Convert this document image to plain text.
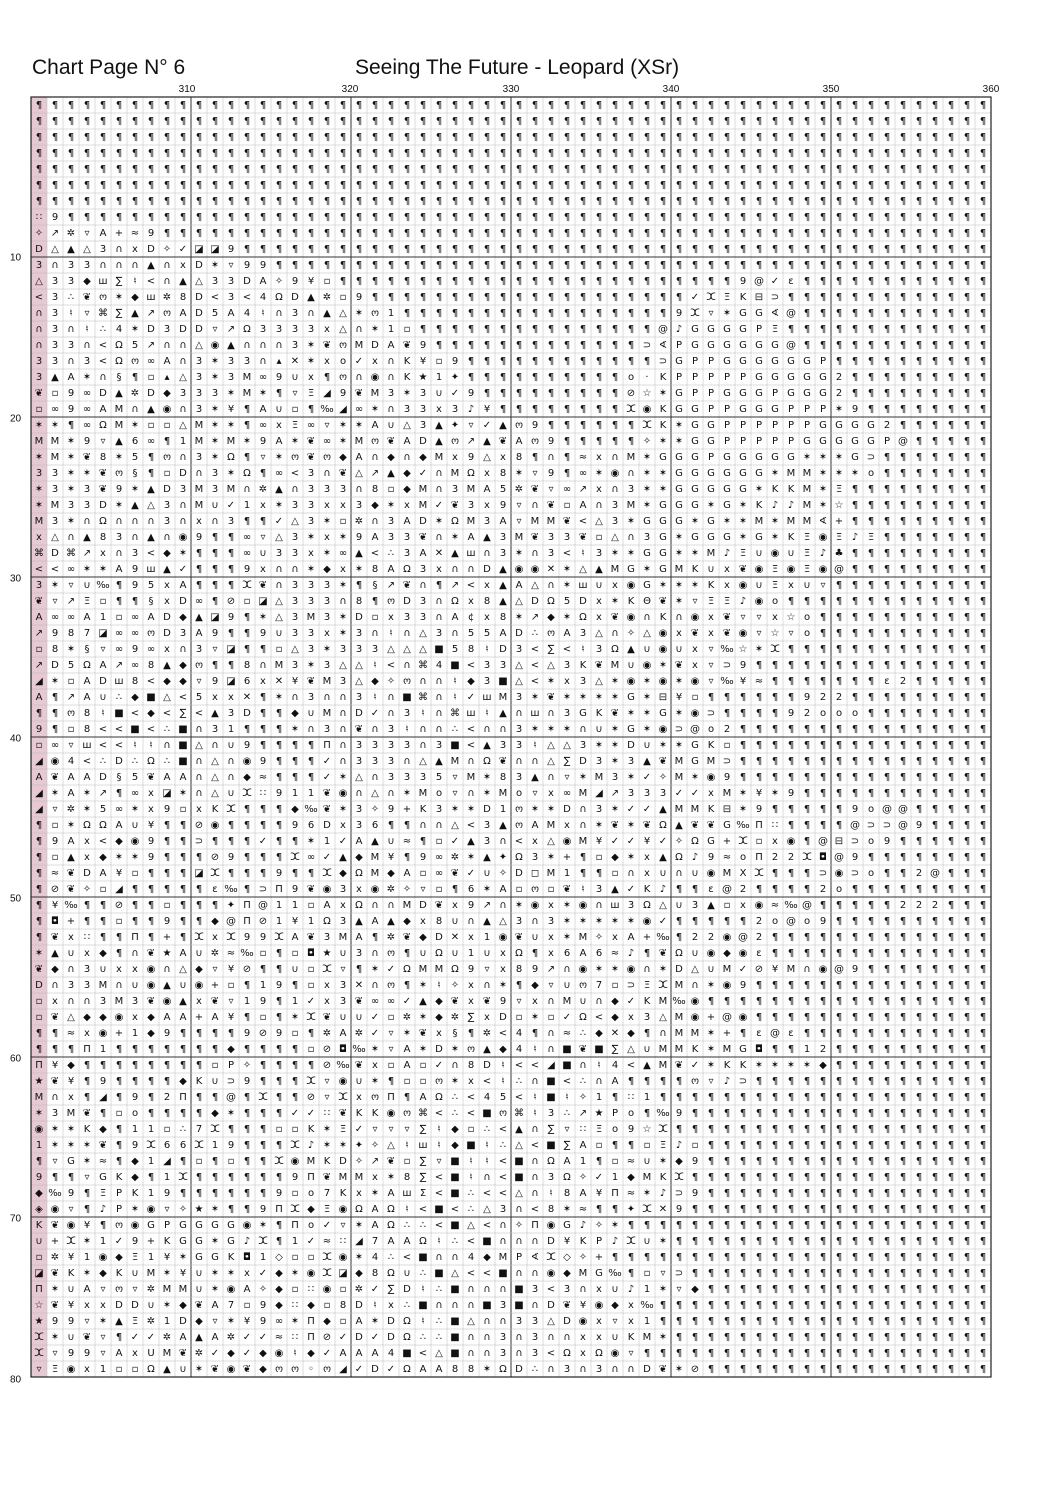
Chart Page N° 6	Seeing The Future - Leopard (XSr)
310	320	330	340	350	360
10
20
30
40
50
60
70
80
¶ ¶ ¶ ¶ ¶ ¶ ¶ ¶ ¶ ¶ ¶ ¶ ¶ ¶ ¶ ¶ ¶ ¶ ¶ ¶ ¶ ¶ ¶ ¶ ¶ ¶ ¶ ¶ ¶ ¶ ¶ ¶ ¶ ¶ ¶ ¶ ¶ ¶ ¶ ¶ ¶ ¶ ¶ ¶ ¶ ¶ ¶ ¶ ¶ ¶ ¶ ¶ ¶ ¶ ¶ ¶ ¶ ¶ ¶ ¶
¶ ¶ ¶ ¶ ¶ ¶ ¶ ¶ ¶ ¶ ¶ ¶ ¶ ¶ ¶ ¶ ¶ ¶ ¶ ¶ ¶ ¶ ¶ ¶ ¶ ¶ ¶ ¶ ¶ ¶ ¶ ¶ ¶ ¶ ¶ ¶ ¶ ¶ ¶ ¶ ¶ ¶ ¶ ¶ ¶ ¶ ¶ ¶ ¶ ¶ ¶ ¶ ¶ ¶ ¶ ¶ ¶ ¶ ¶ ¶
¶ ¶ ¶ ¶ ¶ ¶ ¶ ¶ ¶ ¶ ¶ ¶ ¶ ¶ ¶ ¶ ¶ ¶ ¶ ¶ ¶ ¶ ¶ ¶ ¶ ¶ ¶ ¶ ¶ ¶ ¶ ¶ ¶ ¶ ¶ ¶ ¶ ¶ ¶ ¶ ¶ ¶ ¶ ¶ ¶ ¶ ¶ ¶ ¶ ¶ ¶ ¶ ¶ ¶ ¶ ¶ ¶ ¶ ¶ ¶
¶ ¶ ¶ ¶ ¶ ¶ ¶ ¶ ¶ ¶ ¶ ¶ ¶ ¶ ¶ ¶ ¶ ¶ ¶ ¶ ¶ ¶ ¶ ¶ ¶ ¶ ¶ ¶ ¶ ¶ ¶ ¶ ¶ ¶ ¶ ¶ ¶ ¶ ¶ ¶ ¶ ¶ ¶ ¶ ¶ ¶ ¶ ¶ ¶ ¶ ¶ ¶ ¶ ¶ ¶ ¶ ¶ ¶ ¶ ¶
¶ ¶ ¶ ¶ ¶ ¶ ¶ ¶ ¶ ¶ ¶ ¶ ¶ ¶ ¶ ¶ ¶ ¶ ¶ ¶ ¶ ¶ ¶ ¶ ¶ ¶ ¶ ¶ ¶ ¶ ¶ ¶ ¶ ¶ ¶ ¶ ¶ ¶ ¶ ¶ ¶ ¶ ¶ ¶ ¶ ¶ ¶ ¶ ¶ ¶ ¶ ¶ ¶ ¶ ¶ ¶ ¶ ¶ ¶ ¶
¶ ¶ ¶ ¶ ¶ ¶ ¶ ¶ ¶ ¶ ¶ ¶ ¶ ¶ ¶ ¶ ¶ ¶ ¶ ¶ ¶ ¶ ¶ ¶ ¶ ¶ ¶ ¶ ¶ ¶ ¶ ¶ ¶ ¶ ¶ ¶ ¶ ¶ ¶ ¶ ¶ ¶ ¶ ¶ ¶ ¶ ¶ ¶ ¶ ¶ ¶ ¶ ¶ ¶ ¶ ¶ ¶ ¶ ¶ ¶
¶ ¶ ¶ ¶ ¶ ¶ ¶ ¶ ¶ ¶ ¶ ¶ ¶ ¶ ¶ ¶ ¶ ¶ ¶ ¶ ¶ ¶ ¶ ¶ ¶ ¶ ¶ ¶ ¶ ¶ ¶ ¶ ¶ ¶ ¶ ¶ ¶ ¶ ¶ ¶ ¶ ¶ ¶ ¶ ¶ ¶ ¶ ¶ ¶ ¶ ¶ ¶ ¶ ¶ ¶ ¶ ¶ ¶ ¶ ¶
∷ 9 ¶ ¶ ¶ ¶ ¶ ¶ ¶ ¶ ¶ ¶ ¶ ¶ ¶ ¶ ¶ ¶ ¶ ¶ ¶ ¶ ¶ ¶ ¶ ¶ ¶ ¶ ¶ ¶ ¶ ¶ ¶ ¶ ¶ ¶ ¶ ¶ ¶ ¶ ¶ ¶ ¶ ¶ ¶ ¶ ¶ ¶ ¶ ¶ ¶ ¶ ¶ ¶ ¶ ¶ ¶ ¶ ¶ ¶
✧ ↗ ✲ ▿ A + ≈ 9 ¶ ¶ ¶ ¶ ¶ ¶ ¶ ¶ ¶ ¶ ¶ ¶ ¶ ¶ ¶ ¶ ¶ ¶ ¶ ¶ ¶ ¶ ¶ ¶ ¶ ¶ ¶ ¶ ¶ ¶ ¶ ¶ ¶ ¶ ¶ ¶ ¶ ¶ ¶ ¶ ¶ ¶ ¶ ¶ ¶ ¶ ¶ ¶ ¶ ¶ ¶ ¶
D △ ▲ △ 3 ∩ x D ✧ ✓ ◪ ◪ 9 ¶ ¶ ¶ ¶ ¶ ¶ ¶ ¶ ¶ ¶ ¶ ¶ ¶ ¶ ¶ ¶ ¶ ¶ ¶ ¶ ¶ ¶ ¶ ¶ ¶ ¶ ¶ ¶ ¶ ¶ ¶ ¶ ¶ ¶ ¶ ¶ ¶ ¶ ¶ ¶ ¶ ¶ ¶ ¶ ¶ ¶ ¶
3 ∩ 3 3 ∩ ∩ ∩ ▲ ∩ x D ✶ ▿ 9 9 ¶ ¶ ¶ ¶ ¶ ¶ ¶ ¶ ¶ ¶ ¶ ¶ ¶ ¶ ¶ ¶ ¶ ¶ ¶ ¶ ¶ ¶ ¶ ¶ ¶ ¶ ¶ ¶ ¶ ¶ ¶ ¶ ¶ ¶ ¶ ¶ ¶ ¶ ¶ ¶ ¶ ¶ ¶ ¶ ¶
△ 3 3 ◆ ш ∑ ♮ < ∩ ▲ △ 3 3 D A ✧ 9 ¥ ▫ ¶ ¶ ¶ ¶ ¶ ¶ ¶ ¶ ¶ ¶ ¶ ¶ ¶ ¶ ¶ ¶ ¶ ¶ ¶ ¶ ¶ ¶ ¶ ¶ ¶ 9 @ ✓ ε ¶ ¶ ¶ ¶ ¶ ¶ ¶ ¶ ¶ ¶ ¶ ¶
< 3 ∴ ❦ ო ✶ ◆ ш ✲ 8 D < 3 < 4 Ω D ▲ ✲ ▫ 9 ¶ ¶ ¶ ¶ ¶ ¶ ¶ ¶ ¶ ¶ ¶ ¶ ¶ ¶ ¶ ¶ ¶ ¶ ¶ ¶ ✓ ⵋ Ξ K ⊟ ⊃ ¶ ¶ ¶ ¶ ¶ ¶ ¶ ¶ ¶ ¶ ¶ ¶ ¶
∩ 3 ♮ ▿ ⌘ ∑ ▲ ↗ ო A D 5 A 4 ♮ ∩ 3 ∩ ▲ △ ✶ ო 1 ¶ ¶ ¶ ¶ ¶ ¶ ¶ ¶ ¶ ¶ ¶ ¶ ¶ ¶ ¶ ¶ ¶ 9 ⵋ ▿ ✶ G G ∢ @ ¶ ¶ ¶ ¶ ¶ ¶ ¶ ¶ ¶ ¶ ¶ ¶
∩ 3 ∩ ♮ ∴ 4 ✶ D 3 D D ▿ ↗ Ω 3 3 3 3 x △ ∩ ✶ 1 ▫ ¶ ¶ ¶ ¶ ¶ ¶ ¶ ¶ ¶ ¶ ¶ ¶ ¶ ¶ ¶ @ ♪ G G G G P Ξ ¶ ¶ ¶ ¶ ¶ ¶ ¶ ¶ ¶ ¶ ¶ ¶ ¶
∩ 3 3 ∩ < Ω 5 ↗ ∩ ∩ △ ◉ ▲ ∩ ∩ ∩ 3 ✶ ❦ ო M D A ❦ 9 ¶ ¶ ¶ ¶ ¶ ¶ ¶ ¶ ¶ ¶ ¶ ¶ ¶ ⊃ ∢ P G G G G G G @ ¶ ¶ ¶ ¶ ¶ ¶ ¶ ¶ ¶ ¶ ¶ ¶
3 3 ∩ 3 < Ω ო ∞ A ∩ 3 ✶ 3 3 ∩ ▴ ✕ ✶ x o ✓ x ∩ K ¥ ▫ 9 ¶ ¶ ¶ ¶ ¶ ¶ ¶ ¶ ¶ ¶ ¶ ¶ ⊃ G P P G G G G G G P ¶ ¶ ¶ ¶ ¶ ¶ ¶ ¶ ¶ ¶
3 ▲ A ✶ ∩ § ¶ ▫ ▴ △ 3 ✶ 3 M ∞ 9 ∪ x ¶ ო ∩ ◉ ∩ K ★ 1 ✦ ¶ ¶ ¶ ¶ ¶ ¶ ¶ ¶ ¶ ¶ o · K P P P P P G G G G G 2 ¶ ¶ ¶ ¶ ¶ ¶ ¶ ¶ ¶
❦ ▫ 9 ∞ D ▲ ✲ D ◆ 3 3 3 ✶ M ✶ ¶ ▿ Ξ ◢ 9 ❦ M 3 ✶ 3 ∪ ✓ 9 ¶ ¶ ¶ ¶ ¶ ¶ ¶ ¶ ¶ ⊘ ☆ ✶ G P P G G G P G G G 2 ¶ ¶ ¶ ¶ ¶ ¶ ¶ ¶ ¶
▫ ∞ 9 ∞ A M ∩ ▲ ◉ ∩ 3 ✶ ¥ ¶ A ∪ ▫ ¶ ‰ ◢ ∞ ✶ ∩ 3 3 x 3 ♪ ¥ ¶ ¶ ¶ ¶ ¶ ¶ ¶ ¶ ⵋ ◉ K G G P P G G G P P P ✶ 9 ¶ ¶ ¶ ¶ ¶ ¶ ¶ ¶
✶ ✶ ¶ ∞ Ω M ✶ ▫ ▫ △ M ✶ ✶ ¶ ∞ x Ξ ∞ ▿ ✶ ✶ A ∪ △ 3 ▲ ✦ ▿ ✓ ▲ ო 9 ¶ ¶ ¶ ¶ ¶ ¶ ⵋ K ✶ G G P P P P P P G G G G 2 ¶ ¶ ¶ ¶ ¶ ¶
M M ✶ 9 ▿ ▲ 6 ∞ ¶ 1 M ✶ M ✶ 9 A ✶ ❦ ∞ ✶ M ო ❦ A D ▲ ო ↗ ▲ ❦ A ო 9 ¶ ¶ ¶ ¶ ¶ ✧ ✶ ✶ G G P P P P P G G G G G P @ ¶ ¶ ¶ ¶ ¶
✶ M ✶ ❦ 8 ✶ 5 ¶ ო ∩ 3 ✶ Ω ¶ ▿ ✶ ო ❦ ო ◆ A ∩ ◆ ∩ ◆ M x 9 △ x 8 ¶ ∩ ¶ ≈ x ∩ M ✶ G G G P G G G G G ✶ ✶ ✶ G ⊃ ¶ ¶ ¶ ¶ ¶ ¶ ¶
3 3 ✶ ✶ ❦ ო § ¶ ▫ D ∩ 3 ✶ Ω ¶ ∞ < 3 ∩ ❦ △ ↗ ▲ ◆ ✓ ∩ M Ω x 8 ✶ ▿ 9 ¶ ∞ ✶ ◉ ∩ ✶ ✶ G G G G G G ✶ M M ✶ ✶ ✶ o ¶ ¶ ¶ ¶ ¶ ¶ ¶
✶ 3 ✶ 3 ❦ 9 ✶ ▲ D 3 M 3 M ∩ ✲ ▲ ∩ 3 3 3 ∩ 8 ▫ ◆ M ∩ 3 M A 5 ✲ ❦ ▿ ∞ ↗ x ∩ 3 ✶ ✶ G G G G G ✶ K K M ✶ Ξ ¶ ¶ ¶ ¶ ¶ ¶ ¶ ¶ ¶
✶ M 3 3 D ✶ ▲ △ 3 ∩ M ∪ ✓ 1 x ✶ 3 3 x x 3 ◆ ✶ x M ✓ ❦ 3 x 9 ▿ ∩ ❦ ▫ A ∩ 3 M ✶ G G G ✶ G ✶ K ♪ ♪ M ✶ ☆ ¶ ¶ ¶ ¶ ¶ ¶ ¶ ¶ ¶
M 3 ✶ ∩ Ω ∩ ∩ ∩ 3 ∩ x ∩ 3 ¶ ¶ ✓ △ 3 ✶ ▫ ✲ ∩ 3 A D ✶ Ω M 3 A ▿ M M ❦ < △ 3 ✶ G G G ✶ G ✶ ✶ M ✶ M M ∢ + ¶ ¶ ¶ ¶ ¶ ¶ ¶ ¶ ¶
x △ ∩ ▲ 8 3 ∩ ▲ ∩ ◉ 9 ¶ ¶ ∞ ▿ △ 3 ✶ x ✶ 9 A 3 3 ❦ ∩ ✶ A ▲ 3 M ❦ 3 3 ❦ ▫ △ ∩ 3 G ✶ G G G ✶ G ✶ K Ξ ◉ Ξ ♪ Ξ ¶ ¶ ¶ ¶ ¶ ¶ ¶
⌘ D ⌘ ↗ x ∩ 3 < ◆ ✶ ¶ ¶ ¶ ∞ ∪ 3 3 x ✶ ∞ ▲ < ∴ 3 A ✕ ▲ ш ∩ 3 ✶ ∩ 3 < ♮ 3 ✶ ✶ G G ✶ ✶ M ♪ Ξ ∪ ◉ ∪ Ξ ♪ ♣ ¶ ¶ ¶ ¶ ¶ ¶ ¶ ¶ ¶
< < ∞ ✶ ✶ A 9 ш ▲ ✓ ¶ ¶ ¶ 9 x ∩ ∩ ✶ ◆ x ✶ 8 A Ω 3 x ∩ ∩ D ▲ ◉ ◉ ✕ ✶ △ ▲ M G ✶ G M K ∪ x ❦ ◉ Ξ ◉ Ξ ◉ @ ¶ ¶ ¶ ¶ ¶ ¶ ¶ ¶ ¶
3 ✶ ▿ ∪ ‰ ¶ 9 5 x A ¶ ¶ ¶ ⵋ ❦ ∩ 3 3 3 ✶ ¶ § ↗ ❦ ∩ ¶ ↗ < x ▲ A △ ∩ ✶ ш ∪ x ◉ G ✶ ✶ ✶ K x ◉ ∪ Ξ x ∪ ▿ ¶ ¶ ¶ ¶ ¶ ¶ ¶ ¶ ¶ ¶
❦ ▿ ↗ Ξ ▫ ¶ ¶ § x D ∞ ¶ ⊘ ▫ ◪ △ 3 3 3 ∩ 8 ¶ ო D 3 ∩ Ω x 8 ▲ △ D Ω 5 D x ✶ K Θ ❦ ✶ ▿ Ξ Ξ ♪ ◉ o ¶ ¶ ¶ ¶ ¶ ¶ ¶ ¶ ¶ ¶ ¶ ¶ ¶
A ∞ ∞ A 1 ▫ ∞ A D ◆ ▲ ◪ 9 ¶ ✶ △ 3 M 3 ✶ D ▫ x 3 3 ∩ A ¢ x 8 ✶ ↗ ◆ ✶ Ω x ❦ ◉ ∩ K ∩ ◉ x ❦ ▿ ▿ x ☆ o ¶ ¶ ¶ ¶ ¶ ¶ ¶ ¶ ¶ ¶ ¶
↗ 9 8 7 ◪ ∞ ∞ ო D 3 A 9 ¶ ¶ 9 ∪ 3 3 x ✶ 3 ∩ ♮ ∩ △ 3 ∩ 5 5 A D ∴ ო A 3 △ ∩ ✧ △ ◉ x ❦ x ❦ ◉ ▿ ☆ ▿ o ¶ ¶ ¶ ¶ ¶ ¶ ¶ ¶ ¶ ¶ ¶
▫ 8 ✶ § ▿ ∞ 9 ∞ x ∩ 3 ▿ ◪ ¶ ¶ ▫ △ 3 ✶ 3 3 3 △ △ △ ■ 5 8 ♮ D 3 < ∑ < ♮ 3 Ω ▲ ∪ ◉ ∪ x ▿ ‰ ☆ ✶ ⵋ ¶ ¶ ¶ ¶ ¶ ¶ ¶ ¶ ¶ ¶ ¶ ¶ ¶
↗ D 5 Ω A ↗ ∞ 8 ▲ ◆ ო ¶ ¶ 8 ∩ M 3 ✶ 3 △ △ ♮ < ∩ ⌘ 4 ■ < 3 3 △ < △ 3 K ❦ M ∪ ◉ ✶ ❦ x ▿ ⊃ 9 ¶ ¶ ¶ ¶ ¶ ¶ ¶ ¶ ¶ ¶ ¶ ¶ ¶ ¶ ¶
◢ ✶ ▫ A D ш 8 < ◆ ◆ ▿ 9 ◪ 6 x ✕ ¥ ❦ M 3 △ ◆ ✧ ო ∩ ∩ ♮ ◆ 3 ■ △ < ✶ x 3 △ ✶ ◉ ✶ ◉ ✶ ◉ ▿ ‰ ¥ ≈ ¶ ¶ ¶ ¶ ¶ ¶ ¶ ε 2 ¶ ¶ ¶ ¶ ¶
A ¶ ↗ A ∪ ∴ ◆ ■ △ < 5 x x ✕ ¶ ✶ ∩ 3 ∩ ∩ 3 ♮ ∩ ■ ⌘ ∩ ♮ ✓ ш M 3 ✶ ❦ ✶ ✶ ✶ ✶ G ✶ ⊟ ¥ ▫ ¶ ¶ ¶ ¶ ¶ ¶ 9 2 2 ¶ ¶ ¶ ¶ ¶ ¶ ¶ ¶ ¶
¶ ¶ ო 8 ♮ ■ < ◆ < ∑ < ▲ 3 D ¶ ¶ ◆ ∪ M ∩ D ✓ ∩ 3 ♮ ∩ ⌘ ш ♮ ▲ ∩ ш ∩ 3 G K ❦ ✶ ✶ G ✶ ◉ ⊃ ¶ ¶ ¶ ¶ 9 2 o o o ¶ ¶ ¶ ¶ ¶ ¶ ¶ ¶
9 ¶ ▫ 8 < < ■ < ∴ ■ ∩ 3 1 ¶ ¶ ¶ ✶ ∩ 3 ∩ ❦ ∩ 3 ♮ ∩ ∩ ∴ < ∩ ∩ 3 ✶ ✶ ✶ ∩ ∪ ✶ G ✶ ◉ ⊃ @ o 2 ¶ ¶ ¶ ¶ ¶ ¶ ¶ ¶ ¶ ¶ ¶ ¶ ¶ ¶ ¶ ¶
▫ ∞ ▿ ш < < ♮ ♮ ∩ ■ △ ∩ ∪ 9 ¶ ¶ ¶ ¶ П ∩ 3 3 3 3 ∩ 3 ■ < ▲ 3 3 ♮ △ △ 3 ✶ ✶ D ∪ ✶ ✶ G K ▫ ¶ ¶ ¶ ¶ ¶ ¶ ¶ ¶ ¶ ¶ ¶ ¶ ¶ ¶ ¶ ¶
◢ ◉ 4 < ∴ D ∴ Ω ∴ ■ ∩ △ ∩ ◉ 9 ¶ ¶ ¶ ✓ ∩ 3 3 3 ∩ △ ▲ M ∩ Ω ❦ ∩ ∩ △ ∑ D 3 ✶ 3 ▲ ❦ M G M ⊃ ¶ ¶ ¶ ¶ ¶ ¶ ¶ ¶ ¶ ¶ ¶ ¶ ¶ ¶ ¶ ¶
A ❦ A A D § 5 ❦ A A ∩ △ ∩ ◆ ≈ ¶ ¶ ¶ ✓ ✶ △ ∩ 3 3 3 5 ▿ M ✶ 8 3 ▲ ∩ ▿ ✶ M 3 ✶ ✓ ✧ M ✶ ◉ 9 ¶ ¶ ¶ ¶ ¶ ¶ ¶ ¶ ¶ ¶ ¶ ¶ ¶ ¶ ¶ ¶
◢ ✶ A ✶ ↗ ¶ ∞ x ◪ ✶ ∩ △ ∪ ⵋ ∷ 9 1 1 ❦ ◉ ∩ △ ∩ ✶ M o ▿ ∩ ✶ M o ▿ x ∞ M ◢ ↗ 3 3 3 ✓ ✓ x M ✶ ¥ ✶ 9 ¶ ¶ ¶ ¶ ¶ ¶ ¶ ¶ ¶ ¶ ¶ ¶
◢ ▿ ✲ ✶ 5 ∞ ✶ x 9 ▫ x K ⵋ ¶ ¶ ¶ ◆ ‰ ❦ ✶ 3 ✧ 9 + K 3 ✶ ✶ D 1 ო ✶ ✶ D ∩ 3 ✶ ✓ ✓ ▲ M M K ⊟ ✶ 9 ¶ ¶ ¶ ¶ ¶ 9 o @ @ ¶ ¶ ¶ ¶ ¶
¶ ▫ ✶ Ω Ω A ∪ ¥ ¶ ¶ ⊘ ◉ ¶ ¶ ¶ ¶ 9 6 D x 3 6 ¶ ¶ ∩ ∩ △ < 3 ▲ ო A M x ∩ ✶ ❦ ✶ ❦ Ω ▲ ❦ ❦ G ‰ П ∷ ¶ ¶ ¶ ¶ @ ⊃ ⊃ @ 9 ¶ ¶ ¶ ¶
¶ 9 A x < ◆ ◉ 9 ¶ ¶ ⊃ ¶ ¶ ¶ ✓ ¶ ¶ ✶ 1 ✓ A ▲ ∪ ≈ ¶ ▫ ✓ ▲ 3 ∩ < x △ ◉ M ¥ ✓ ✓ ¥ ✓ ✧ Ω G + ⵋ ▫ x ◉ ¶ @ ⊟ ⊃ o 9 ¶ ¶ ¶ ¶ ¶ ¶
¶ ▫ ▲ x ◆ ✶ ✶ 9 ¶ ¶ ¶ ⊘ 9 ¶ ¶ ¶ ⵋ ∞ ✓ ▲ ◆ M ¥ ¶ 9 ∞ ✲ ✶ ▲ ✦ Ω 3 ✶ + ¶ ▫ ◆ ✶ x ▲ Ω ♪ 9 ≈ o П 2 2 ⵋ ◘ @ 9 ¶ ¶ ¶ ¶ ¶ ¶ ¶ ¶
¶ ≈ ❦ D A ¥ ▫ ¶ ¶ ¶ ◪ ⵋ ¶ ¶ ¶ 9 ¶ ¶ ⵋ ◆ Ω M ◆ A ▫ ∞ ❦ ✓ ∪ ✧ D ◻ M 1 ¶ ¶ ▫ ∩ x ∪ ∩ ∪ ◉ M X ⵋ ¶ ¶ ¶ ⊃ ◉ ⊃ o ¶ ¶ 2 @ ¶ ¶ ¶
¶ ⊘ ❦ ✧ ▫ ◢ ¶ ¶ ¶ ¶ ¶ ε ‰ ¶ ⊃ П 9 ❦ ◉ 3 x ◉ ✲ ✧ ▿ ▫ ¶ 6 ✶ A ▫ ო ▫ ❦ ♮ 3 ▲ ✓ K ♪ ¶ ¶ ε @ 2 ¶ ¶ ¶ ¶ 2 o ¶ ¶ ¶ ¶ ¶ ¶ ¶ ¶ ¶
¶ ¥ ‰ ¶ ¶ ⊘ ¶ ¶ ▫ ¶ ¶ ¶ ✦ П @ 1 1 ▫ A x Ω ∩ ∩ M D ❦ x 9 ↗ ∩ ✶ ◉ x ✶ ◉ ∩ ш 3 Ω △ ∪ 3 ▲ ▫ x ◉ ≈ ‰ @ ¶ ¶ ¶ ¶ ¶ 2 2 2 ¶ ¶ ¶
¶ ◘ + ¶ ¶ ▫ ¶ ¶ 9 ¶ ¶ ◆ @ П ⊘ 1 ¥ 1 Ω 3 ▲ A ▲ ◆ x 8 ∪ ∩ ▲ △ 3 ∩ 3 ✶ ✶ ✶ ✶ ✶ ◉ ✓ ¶ ¶ ¶ ¶ ¶ 2 o @ o 9 ¶ ¶ ¶ ¶ ¶ ¶ ¶ ¶ ¶ ¶
¶ ❦ x ∷ ¶ ¶ П ¶ + ¶ ⵋ x ⵋ 9 9 ⵋ A ❦ 3 M A ¶ ✲ ❦ ◆ D ✕ x 1 ◉ ❦ ∪ x ✶ M ✧ x A + ‰ ¶ 2 2 ◉ @ 2 ¶ ¶ ¶ ¶ ¶ ¶ ¶ ¶ ¶ ¶ ¶ ¶ ¶ ¶
✶ ▲ ∪ x ◆ ¶ ∩ ❦ ★ A ∪ ✲ ≈ ‰ ▫ ¶ ▫ ◘ ★ ∪ 3 ∩ ო ¶ ∪ Ω ∪ 1 ∪ x Ω ¶ x 6 A 6 ≈ ♪ ¶ ❦ Ω ∪ ◉ ◆ ◉ ε ¶ ¶ ¶ ¶ ¶ ¶ ¶ ¶ ¶ ¶ ¶ ¶ ¶ ¶
❦ ◆ ∩ 3 ∪ x x ◉ ∩ △ ◆ ▿ ¥ ⊘ ¶ ¶ ∪ ▫ ⵋ ▿ ¶ ✶ ✓ Ω M M Ω 9 ▿ x 8 9 ↗ ∩ ◉ ✶ ✶ ◉ ∩ ✶ D △ ∪ M ✓ ⊘ ¥ M ∩ ◉ @ 9 ¶ ¶ ¶ ¶ ¶ ¶ ¶ ¶
D ∩ 3 3 M ∩ ∪ ◉ ▲ ∪ ◉ + ▫ ¶ 1 9 ¶ ▫ x 3 ✕ ∩ ო ¶ ✶ ♮ ✧ x ∩ ✶ ¶ ◆ ▿ ∪ ო 7 ▫ ⊃ Ξ ⵋ M ∩ ✶ ◉ 9 ¶ ¶ ¶ ¶ ¶ ¶ ¶ ¶ ¶ ¶ ¶ ¶ ¶ ¶ ¶
▫ x ∩ ∩ 3 M 3 ❦ ◉ ▲ x ❦ ▿ 1 9 ¶ 1 ✓ x 3 ❦ ∞ ∞ ✓ ▲ ◆ ❦ x ❦ 9 ▿ x ∩ M ∪ ∩ ◆ ✓ K M ‰ ◉ ¶ ¶ ¶ ¶ ¶ ¶ ¶ ¶ ¶ ¶ ¶ ¶ ¶ ¶ ¶ ¶ ¶ ¶
▫ ❦ △ ◆ ◆ ◉ x ◆ A A + A ¥ ¶ ▫ ¶ ✶ ⵋ ❦ ∪ ∪ ✓ ▫ ✲ ✶ ◆ ✲ ∑ x D ▫ ✶ ▫ ✓ Ω < ◆ x 3 △ M ◉ + @ ◉ ¶ ¶ ¶ ¶ ¶ ¶ ¶ ¶ ¶ ¶ ¶ ¶ ¶ ¶ ¶
¶ ¶ ≈ x ◉ + 1 ◆ 9 ¶ ¶ ¶ ¶ 9 ⊘ 9 ▫ ¶ ✲ A ✲ ✓ ▿ ✶ ❦ x § ¶ ✲ < 4 ¶ ∩ ≈ ∴ ◆ ✕ ◆ ¶ ∩ M M ✶ + ¶ ε @ ε ¶ ¶ ¶ ¶ ¶ ¶ ¶ ¶ ¶ ¶ ¶ ¶
¶ ¶ ¶ П 1 ¶ ¶ ¶ ¶ ¶ ¶ ¶ ◆ ¶ ¶ ¶ ¶ ▫ ⊘ ◘ ‰ ✶ ▿ A ✶ D ✶ ო ▲ ◆ 4 ♮ ∩ ■ ❦ ■ ∑ △ ∪ M M K ✶ M G ◘ ¶ ¶ 1 2 ¶ ¶ ¶ ¶ ¶ ¶ ¶ ¶ ¶ ¶
П ¥ ◆ ¶ ¶ ¶ ¶ ¶ ¶ ¶ ¶ ▫ P ✧ ¶ ¶ ¶ ¶ ⊘ ‰ ❦ x ▫ A ▫ ✓ ∩ 8 D ♮ < < ◢ ■ ∩ ♮ 4 < ▲ M ❦ ✓ ✶ K K ✶ ✶ ✶ ✶ ◆ ¶ ¶ ¶ ¶ ¶ ¶ ¶ ¶ ¶ ¶
★ ❦ ¥ ¶ 9 ¶ ¶ ¶ ¶ ◆ K ∪ ⊃ 9 ¶ ¶ ¶ ⵋ ▿ ◉ ∪ ✶ ¶ ▫ ▫ ო ✶ x < ♮ ∴ ∩ ■ < ∴ ∩ A ¶ ¶ ¶ ¶ ო ▿ ♪ ⊃ ¶ ¶ ¶ ¶ ¶ ¶ ¶ ¶ ¶ ¶ ¶ ¶ ¶ ¶ ¶
M ∩ x ¶ ◢ ¶ 9 ¶ 2 П ¶ ¶ @ ¶ ⵋ ¶ ¶ ⊘ ▿ ⵋ x ო П ¶ A Ω ∴ < 4 5 < ♮ ■ ♮ ✧ 1 ¶ ∷ 1 ¶ ¶ ¶ ¶ ¶ ¶ ¶ ¶ ¶ ¶ ¶ ¶ ¶ ¶ ¶ ¶ ¶ ¶ ¶ ¶ ¶
✶ 3 M ❦ ¶ ▫ o ¶ ¶ ¶ ¶ ◆ ✶ ¶ ¶ ¶ ✓ ✓ ∷ ❦ K K ◉ ო ⌘ < ∴ < ■ ო ⌘ ♮ 3 ∴ ↗ ★ P o ¶ ‰ 9 ¶ ¶ ¶ ¶ ¶ ¶ ¶ ¶ ¶ ¶ ¶ ¶ ¶ ¶ ¶ ¶ ¶ ¶ ¶
◉ ✶ ✶ K ◆ ¶ 1 1 ▫ ∴ 7 ⵋ ¶ ¶ ¶ ▫ ▫ K ✶ Ξ ✓ ▿ ▿ ▿ ∑ ♮ ◆ ▫ ∴ < ▲ ∩ ∑ ▿ ∷ Ξ o 9 ☆ ⵋ ¶ ¶ ¶ ¶ ¶ ¶ ¶ ¶ ¶ ¶ ¶ ¶ ¶ ¶ ¶ ¶ ¶ ¶ ¶ ¶
1 ✶ ✶ ✶ ❦ ¶ 9 ⵋ 6 6 ⵋ 1 9 ¶ ¶ ¶ ⵋ ♪ ✶ ✶ ✦ ✧ △ ♮ ш ♮ ◆ ■ ♮ ∴ △ < ■ ∑ A ▫ ¶ ¶ ▫ Ξ ♪ ▫ ¶ ¶ ¶ ¶ ¶ ¶ ¶ ¶ ¶ ¶ ¶ ¶ ¶ ¶ ¶ ¶ ¶ ¶
¶ ▿ G ✶ ≈ ¶ ◆ 1 ◢ ¶ ▫ ¶ ▫ ¶ ¶ ⵋ ◉ M K D ✧ ↗ ❦ ▫ ∑ ▿ ■ ♮ ♮ < ■ ∩ Ω A 1 ¶ ▫ ≈ ∪ ✶ ◆ 9 ¶ ¶ ¶ ¶ ¶ ¶ ¶ ¶ ¶ ¶ ¶ ¶ ¶ ¶ ¶ ¶ ¶ ¶
9 ¶ ¶ ▿ G K ◆ ¶ 1 ⵋ ¶ ¶ ¶ ¶ ¶ ¶ 9 П ❦ M M x ✶ 8 ∑ < ■ ♮ ∩ < ■ ∩ 3 Ω ✧ ✓ 1 ◆ M K ⵋ ¶ ¶ ¶ ¶ ¶ ¶ ¶ ¶ ¶ ¶ ¶ ¶ ¶ ¶ ¶ ¶ ¶ ¶ ¶
◆ ‰ 9 ¶ Ξ P K 1 9 ¶ ¶ ¶ ¶ ¶ ¶ 9 ▫ o 7 K x ✶ A ш Σ < ■ ∴ < < △ ∩ ♮ 8 A ¥ П ≈ ✶ ♪ ⊃ 9 ¶ ¶ ¶ ¶ ¶ ¶ ¶ ¶ ¶ ¶ ¶ ¶ ¶ ¶ ¶ ¶ ¶ ¶
◈ ◉ ▿ ¶ ♪ P ✶ ◉ ▿ ✧ ★ ✶ ¶ ¶ 9 П ⵋ ◆ Ξ ◉ Ω A Ω ♮ < ■ < ∴ △ 3 ∩ < 8 ✶ ≈ ¶ ¶ ✦ ⵋ ✕ 9 ¶ ¶ ¶ ¶ ¶ ¶ ¶ ¶ ¶ ¶ ¶ ¶ ¶ ¶ ¶ ¶ ¶ ¶ ¶
K ❦ ◉ ¥ ¶ ო ◉ G P G G G G ◉ ✶ ¶ П o ✓ ▿ ✶ A Ω ∴ ∴ < ■ △ < ∩ ✧ П ◉ G ♪ ✧ ✶ ¶ ¶ ¶ ¶ ¶ ¶ ¶ ¶ ¶ ¶ ¶ ¶ ¶ ¶ ¶ ¶ ¶ ¶ ¶ ¶ ¶ ¶ ¶
∪ + ⵋ ✶ 1 ✓ 9 + K G G ✶ G ♪ ⵋ ¶ 1 ✓ ≈ ∷ ◢ 7 A A Ω ♮ ∴ < ■ ∩ ∩ ∩ D ¥ K P ♪ ⵋ ∪ ✶ ¶ ¶ ¶ ¶ ¶ ¶ ¶ ¶ ¶ ¶ ¶ ¶ ¶ ¶ ¶ ¶ ¶ ¶ ¶ ¶
▫ ✲ ¥ 1 ◉ ◆ Ξ 1 ¥ ✶ G G K ◘ 1 ◇ ▫ ▫ ⵋ ◉ ✶ 4 ∴ < ■ ∩ ∩ 4 ◆ M P ∢ ⵋ ◇ ✧ + ¶ ¶ ¶ ¶ ¶ ¶ ¶ ¶ ¶ ¶ ¶ ¶ ¶ ¶ ¶ ¶ ¶ ¶ ¶ ¶ ¶ ¶ ¶ ¶
◪ ❦ K ✶ ◆ K ∪ M ✶ ¥ ∪ ✶ ✶ x ✓ ◆ ✶ ◉ ⵋ ◪ ◆ 8 Ω ∪ ∴ ■ △ < < ■ ∩ ∩ ◉ ◆ M G ‰ ¶ ▫ ▿ ⊃ ¶ ¶ ¶ ¶ ¶ ¶ ¶ ¶ ¶ ¶ ¶ ¶ ¶ ¶ ¶ ¶ ¶ ¶ ¶
П ✶ ∪ A ▿ ო ▿ ✲ M M ∪ ✶ ◉ A ✧ ◆ ▫ ∷ ◉ ▫ ✲ ✓ ∑ D ♮ ∴ ■ ∩ ∩ ∩ ■ 3 < 3 ∩ x ∪ ♪ 1 ✶ ▿ ◆ ¶ ¶ ¶ ¶ ¶ ¶ ¶ ¶ ¶ ¶ ¶ ¶ ¶ ¶ ¶ ¶ ¶ ¶
☆ ❦ ¥ x x D D ∪ ✶ ◆ ❦ A 7 ▫ 9 ◆ ∷ ◆ ▫ 8 D ♮ x ∴ ■ ∩ ∩ ∩ ■ 3 ■ ∩ D ❦ ¥ ◉ ◆ x ‰ ¶ ¶ ¶ ¶ ¶ ¶ ¶ ¶ ¶ ¶ ¶ ¶ ¶ ¶ ¶ ¶ ¶ ¶ ¶ ¶ ¶
★ 9 9 ▿ ✶ ▲ Ξ ✲ 1 D ◆ ▿ ✶ ¥ 9 ∞ ✶ П ◆ ▫ A ✶ D Ω ♮ ∴ ■ △ ∩ ∩ 3 3 △ D ◉ x ▿ x 1 ¶ ¶ ¶ ¶ ¶ ¶ ¶ ¶ ¶ ¶ ¶ ¶ ¶ ¶ ¶ ¶ ¶ ¶ ¶ ¶ ¶
ⵋ ✶ ∪ ❦ ▿ ¶ ✓ ✓ ✲ A ▲ A ✲ ✓ ✓ ≈ ∷ П ⊘ ✓ D ✓ D Ω ∴ ∴ ■ ∩ ∩ 3 ∩ 3 ∩ ∩ x x ∪ K M ✶ ¶ ¶ ¶ ¶ ¶ ¶ ¶ ¶ ¶ ¶ ¶ ¶ ¶ ¶ ¶ ¶ ¶ ¶ ¶ ¶
ⵋ ▿ 9 9 ▿ A x U M ❦ ✲ ✓ ◆ ✓ ◆ ◉ ♮ ◆ ✓ A A A 4 ■ < △ ■ ∩ ∩ 3 ∩ 3 < Ω x Ω ◉ ▿ ¶ ¶ ¶ ¶ ¶ ¶ ¶ ¶ ¶ ¶ ¶ ¶ ¶ ¶ ¶ ¶ ¶ ¶ ¶ ¶ ¶ ¶
▿ Ξ ◉ x 1 ▫ ▫ Ω ▲ ∪ ✶ ❦ ◉ ❦ ◆ ო ო ◦ ო ◢ ✓ D ✓ Ω A A 8 8 ✶ Ω D ∴ ∩ 3 ∩ 3 ∩ ∩ D ❦ ✶ ⊘ ¶ ¶ ¶ ¶ ¶ ¶ ¶ ¶ ¶ ¶ ¶ ¶ ¶ ¶ ¶ ¶ ¶ ¶
